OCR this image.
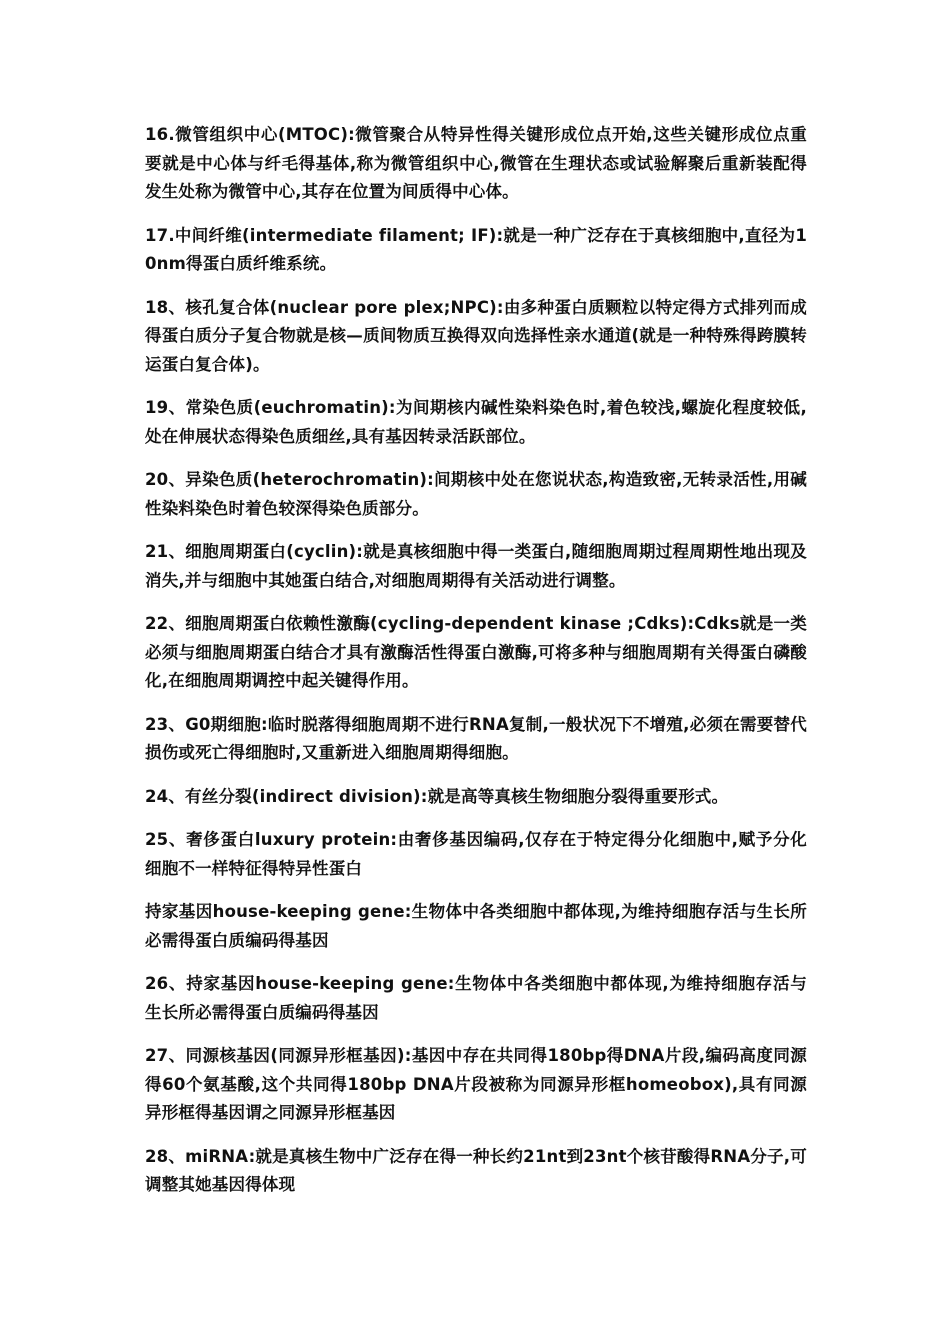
16.微管组织中心(MTOC):微管聚合从特异性得关键形成位点开始,这些关键形成位点重要就是中心体与纤毛得基体,称为微管组织中心,微管在生理状态或试验解聚后重新装配得发生处称为微管中心,其存在位置为间质得中心体。

17.中间纤维(intermediate filament; IF):就是一种广泛存在于真核细胞中,直径为10nm得蛋白质纤维系统。

18、核孔复合体(nuclear pore plex;NPC):由多种蛋白质颗粒以特定得方式排列而成得蛋白质分子复合物就是核—质间物质互换得双向选择性亲水通道(就是一种特殊得跨膜转运蛋白复合体)。

19、常染色质(euchromatin):为间期核内碱性染料染色时,着色较浅,螺旋化程度较低,处在伸展状态得染色质细丝,具有基因转录活跃部位。

20、异染色质(heterochromatin):间期核中处在您说状态,构造致密,无转录活性,用碱性染料染色时着色较深得染色质部分。

21、细胞周期蛋白(cyclin):就是真核细胞中得一类蛋白,随细胞周期过程周期性地出现及消失,并与细胞中其她蛋白结合,对细胞周期得有关活动进行调整。

22、细胞周期蛋白依赖性激酶(cycling-dependent kinase ;Cdks):Cdks就是一类必须与细胞周期蛋白结合才具有激酶活性得蛋白激酶,可将多种与细胞周期有关得蛋白磷酸化,在细胞周期调控中起关键得作用。

23、G0期细胞:临时脱落得细胞周期不进行RNA复制,一般状况下不增殖,必须在需要替代损伤或死亡得细胞时,又重新进入细胞周期得细胞。

24、有丝分裂(indirect division):就是高等真核生物细胞分裂得重要形式。

25、奢侈蛋白luxury protein:由奢侈基因编码,仅存在于特定得分化细胞中,赋予分化细胞不一样特征得特异性蛋白

持家基因house-keeping gene:生物体中各类细胞中都体现,为维持细胞存活与生长所必需得蛋白质编码得基因

26、持家基因house-keeping gene:生物体中各类细胞中都体现,为维持细胞存活与生长所必需得蛋白质编码得基因

27、同源核基因(同源异形框基因):基因中存在共同得180bp得DNA片段,编码高度同源得60个氨基酸,这个共同得180bp DNA片段被称为同源异形框homeobox),具有同源异形框得基因谓之同源异形框基因

28、miRNA:就是真核生物中广泛存在得一种长约21nt到23nt个核苷酸得RNA分子,可调整其她基因得体现
